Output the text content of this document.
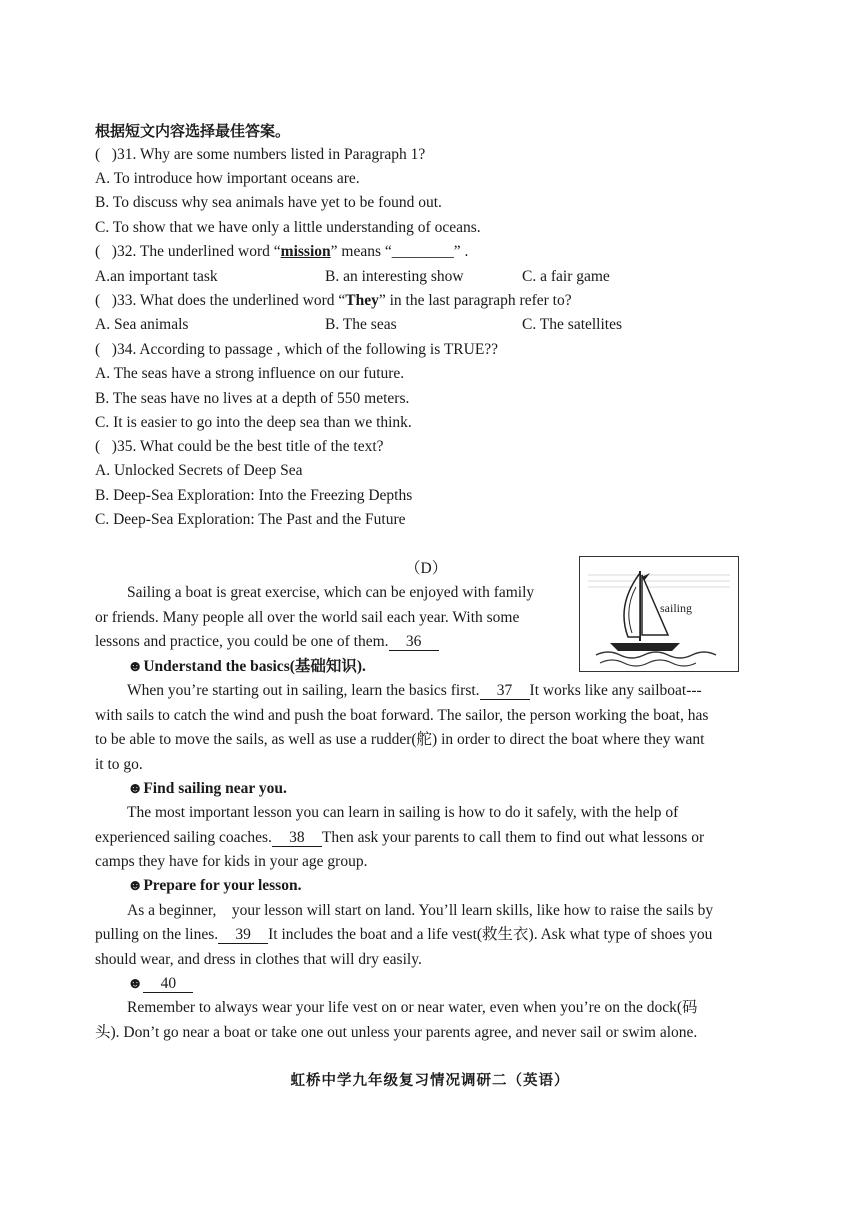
根据短文内容选择最佳答案。
(   )31. Why are some numbers listed in Paragraph 1?
A. To introduce how important oceans are.
B. To discuss why sea animals have yet to be found out.
C. To show that we have only a little understanding of oceans.
(   )32. The underlined word “mission” means “________” .
A.an important task	B. an interesting show	C. a fair game
(   )33. What does the underlined word “They” in the last paragraph refer to?
A. Sea animals	B. The seas	C. The satellites
(   )34. According to passage , which of the following is TRUE??
A. The seas have a strong influence on our future.
B. The seas have no lives at a depth of 550 meters.
C. It is easier to go into the deep sea than we think.
(   )35. What could be the best title of the text?
A. Unlocked Secrets of Deep Sea
B. Deep-Sea Exploration: Into the Freezing Depths
C. Deep-Sea Exploration: The Past and the Future
（D）
sailing
Sailing a boat is great exercise, which can be enjoyed with family
or friends. Many people all over the world sail each year. With some
lessons and practice, you could be one of them. 36
☻Understand the basics(基础知识).
When you’re starting out in sailing, learn the basics first. 37 It works like any sailboat---
with sails to catch the wind and push the boat forward. The sailor, the person working the boat, has
to be able to move the sails, as well as use a rudder(舵) in order to direct the boat where they want
it to go.
☻Find sailing near you.
The most important lesson you can learn in sailing is how to do it safely, with the help of
experienced sailing coaches. 38 Then ask your parents to call them to find out what lessons or
camps they have for kids in your age group.
☻Prepare for your lesson.
As a beginner,    your lesson will start on land. You’ll learn skills, like how to raise the sails by
pulling on the lines. 39 It includes the boat and a life vest(救生衣). Ask what type of shoes you
should wear, and dress in clothes that will dry easily.
☻ 40
Remember to always wear your life vest on or near water, even when you’re on the dock(码
头). Don’t go near a boat or take one out unless your parents agree, and never sail or swim alone.
虹桥中学九年级复习情况调研二（英语）
